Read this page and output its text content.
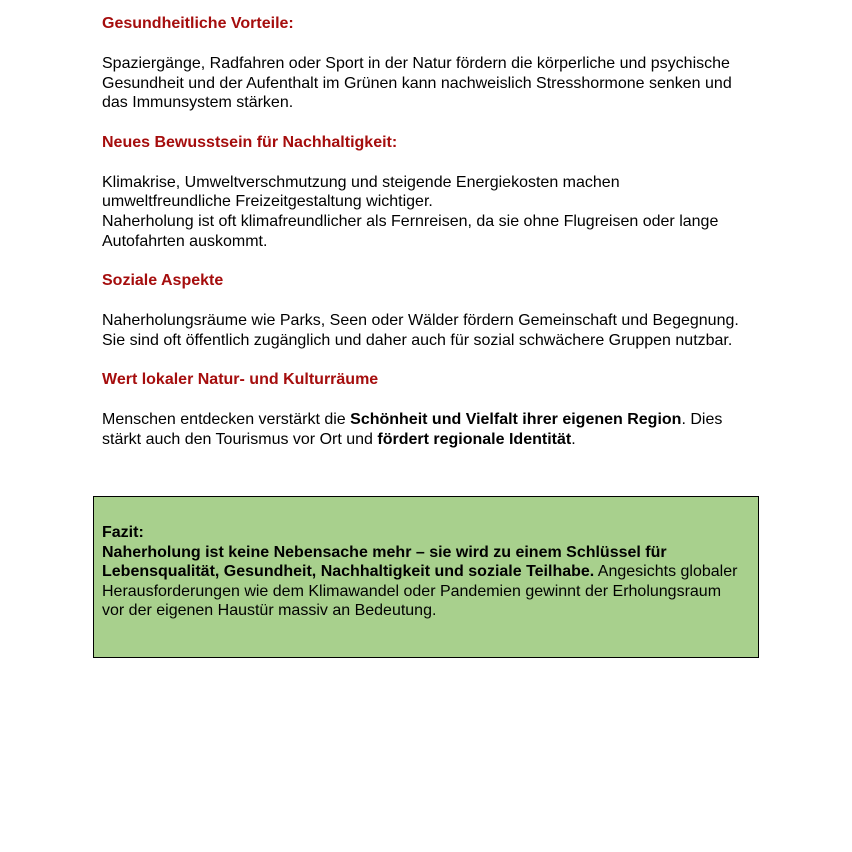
Gesundheitliche Vorteile:

Spaziergänge, Radfahren oder Sport in der Natur fördern die körperliche und psychische Gesundheit und der Aufenthalt im Grünen kann nachweislich Stresshormone senken und das Immunsystem stärken.

Neues Bewusstsein für Nachhaltigkeit:

Klimakrise, Umweltverschmutzung und steigende Energiekosten machen umweltfreundliche Freizeitgestaltung wichtiger.

Naherholung ist oft klimafreundlicher als Fernreisen, da sie ohne Flugreisen oder lange Autofahrten auskommt.

Soziale Aspekte

Naherholungsräume wie Parks, Seen oder Wälder fördern Gemeinschaft und Begegnung. Sie sind oft öffentlich zugänglich und daher auch für sozial schwächere Gruppen nutzbar.

Wert lokaler Natur- und Kulturräume

Menschen entdecken verstärkt die Schönheit und Vielfalt ihrer eigenen Region. Dies stärkt auch den Tourismus vor Ort und fördert regionale Identität.

Fazit:
Naherholung ist keine Nebensache mehr – sie wird zu einem Schlüssel für Lebensqualität, Gesundheit, Nachhaltigkeit und soziale Teilhabe. Angesichts globaler Herausforderungen wie dem Klimawandel oder Pandemien gewinnt der Erholungsraum vor der eigenen Haustür massiv an Bedeutung.
